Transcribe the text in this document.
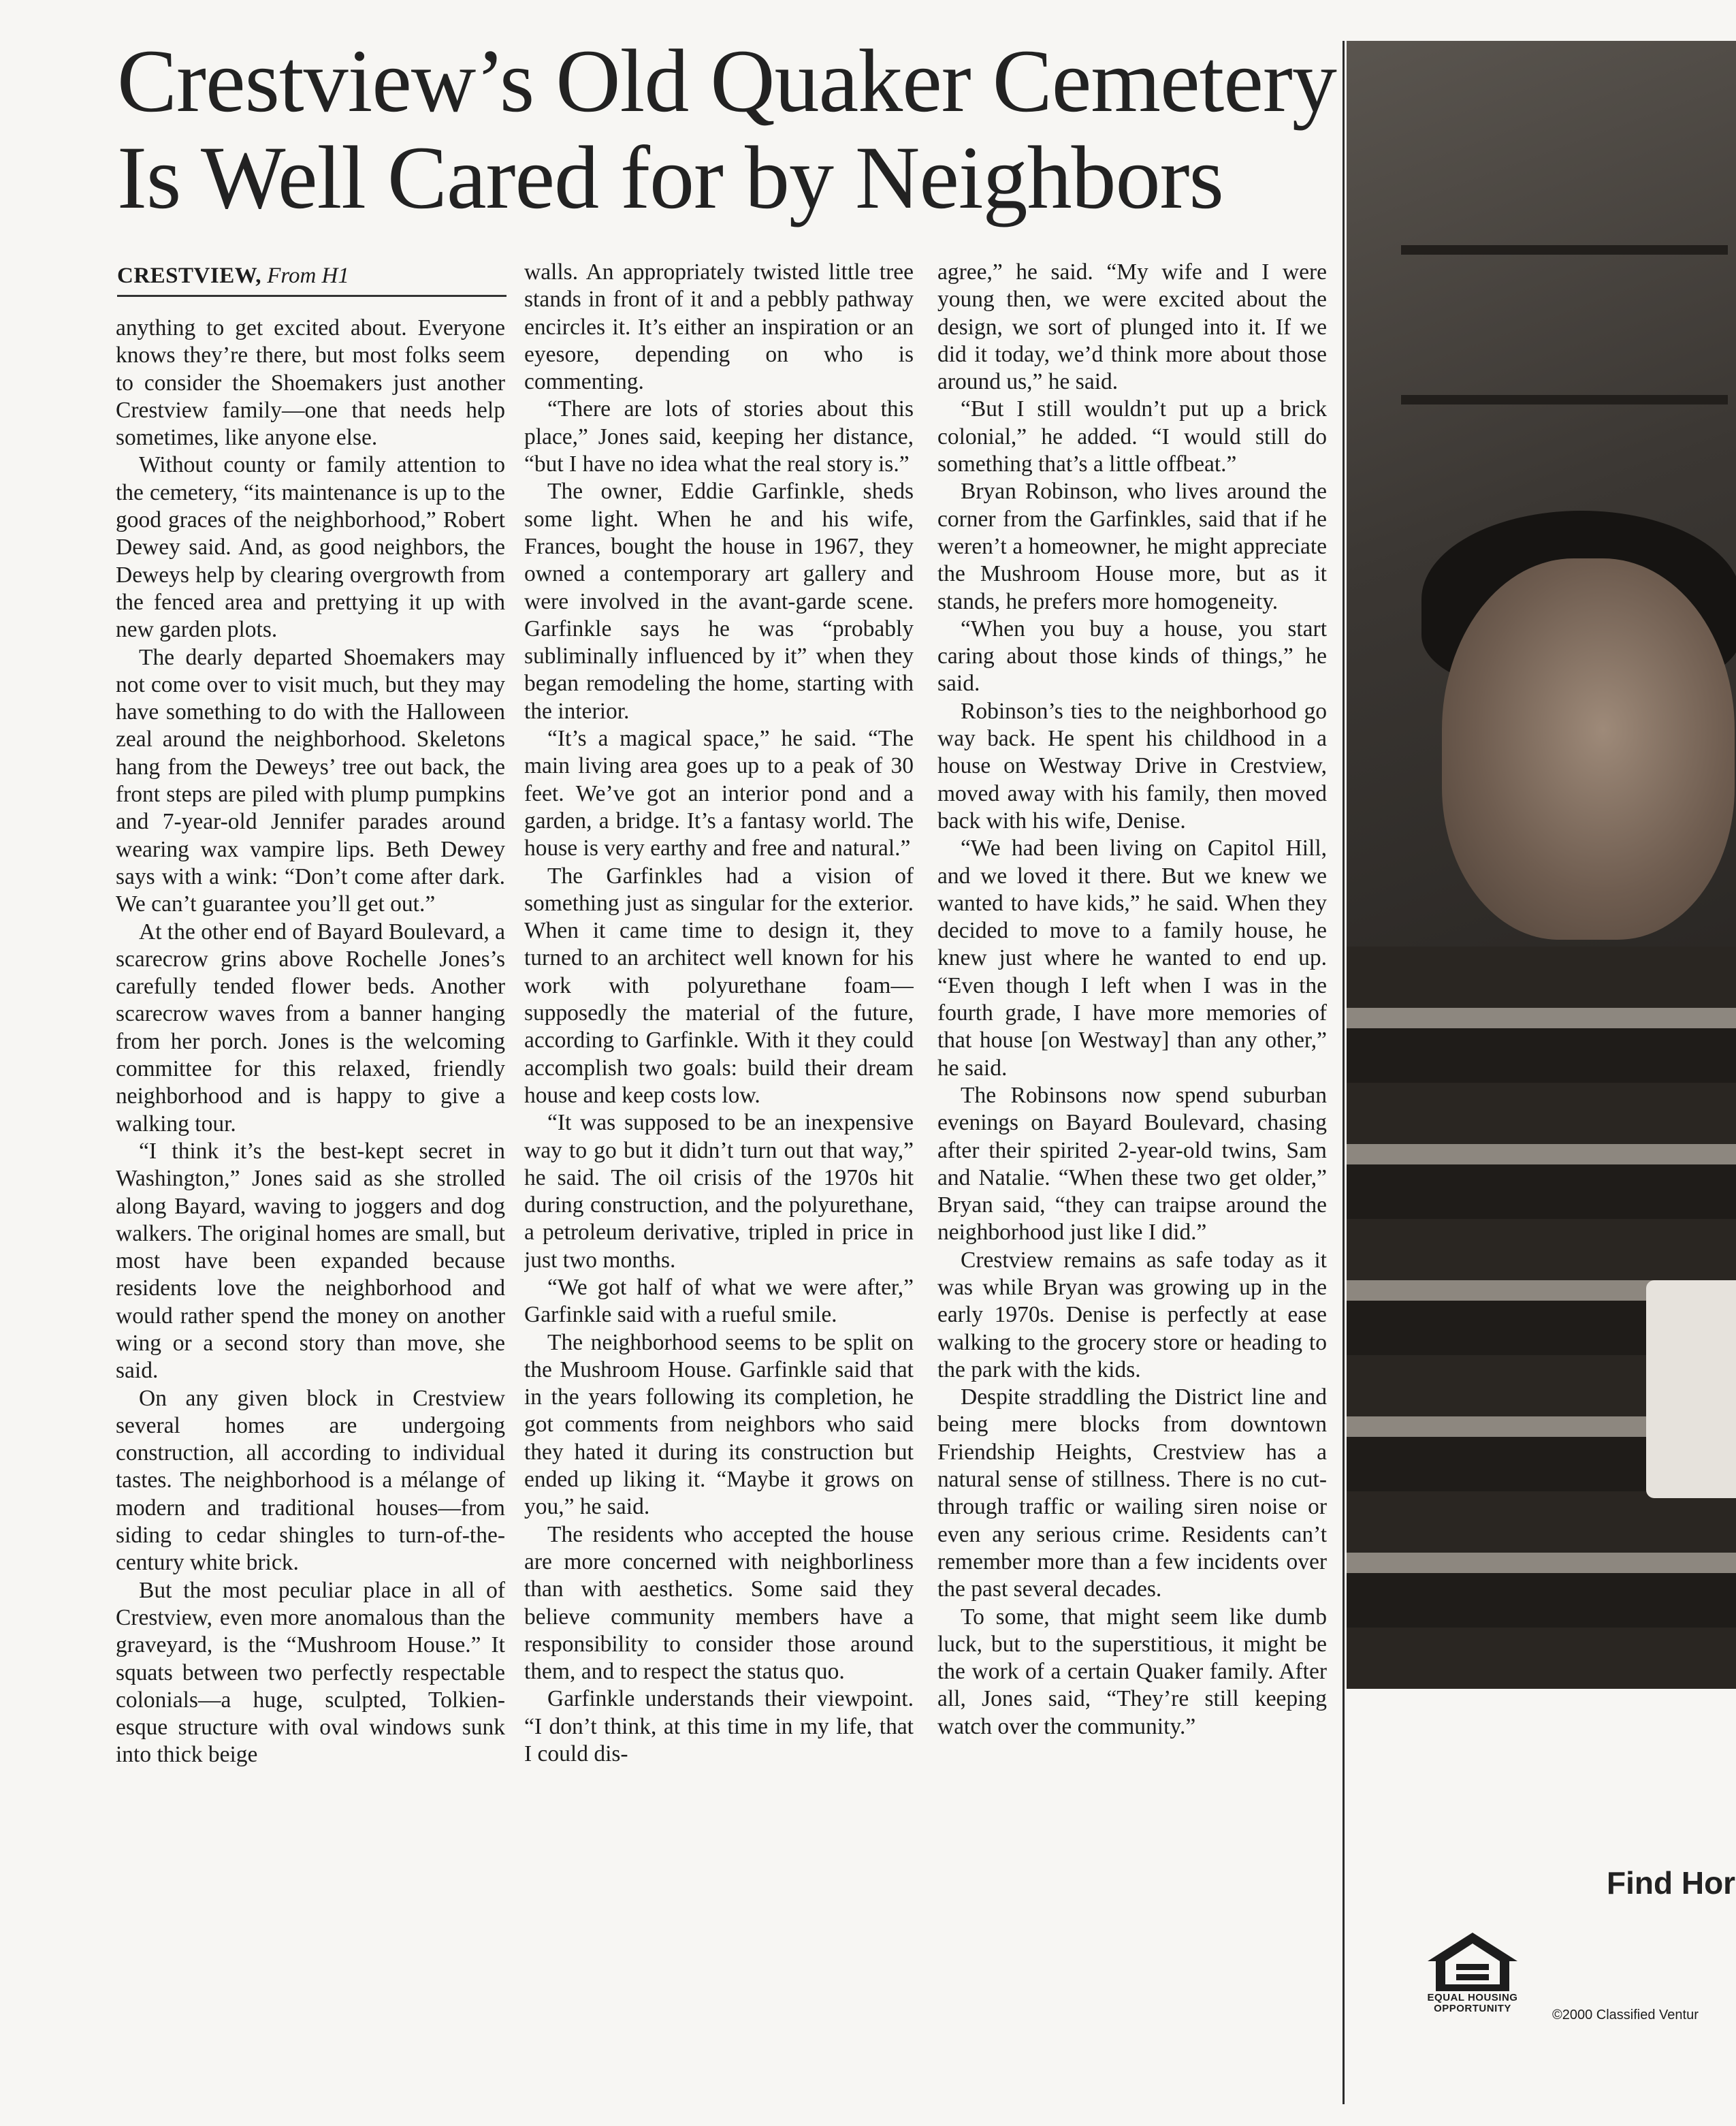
Crestview’s Old Quaker Cemetery
Is Well Cared for by Neighbors
CRESTVIEW, From H1

anything to get excited about. Everyone knows they’re there, but most folks seem to consider the Shoemakers just another Crestview family—one that needs help sometimes, like anyone else.

Without county or family attention to the cemetery, “its maintenance is up to the good graces of the neighborhood,” Robert Dewey said. And, as good neighbors, the Deweys help by clearing overgrowth from the fenced area and prettying it up with new garden plots.

The dearly departed Shoemakers may not come over to visit much, but they may have something to do with the Halloween zeal around the neighborhood. Skeletons hang from the Deweys’ tree out back, the front steps are piled with plump pumpkins and 7-year-old Jennifer parades around wearing wax vampire lips. Beth Dewey says with a wink: “Don’t come after dark. We can’t guarantee you’ll get out.”

At the other end of Bayard Boulevard, a scarecrow grins above Rochelle Jones’s carefully tended flower beds. Another scarecrow waves from a banner hanging from her porch. Jones is the welcoming committee for this relaxed, friendly neighborhood and is happy to give a walking tour.

“I think it’s the best-kept secret in Washington,” Jones said as she strolled along Bayard, waving to joggers and dog walkers. The original homes are small, but most have been expanded because residents love the neighborhood and would rather spend the money on another wing or a second story than move, she said.

On any given block in Crestview several homes are undergoing construction, all according to individual tastes. The neighborhood is a mélange of modern and traditional houses—from siding to cedar shingles to turn-of-the-century white brick.

But the most peculiar place in all of Crestview, even more anomalous than the graveyard, is the “Mushroom House.” It squats between two perfectly respectable colonials—a huge, sculpted, Tolkien-esque structure with oval windows sunk into thick beige

walls. An appropriately twisted little tree stands in front of it and a pebbly pathway encircles it. It’s either an inspiration or an eyesore, depending on who is commenting.

“There are lots of stories about this place,” Jones said, keeping her distance, “but I have no idea what the real story is.”

The owner, Eddie Garfinkle, sheds some light. When he and his wife, Frances, bought the house in 1967, they owned a contemporary art gallery and were involved in the avant-garde scene. Garfinkle says he was “probably subliminally influenced by it” when they began remodeling the home, starting with the interior.

“It’s a magical space,” he said. “The main living area goes up to a peak of 30 feet. We’ve got an interior pond and a garden, a bridge. It’s a fantasy world. The house is very earthy and free and natural.”

The Garfinkles had a vision of something just as singular for the exterior. When it came time to design it, they turned to an architect well known for his work with polyurethane foam—supposedly the material of the future, according to Garfinkle. With it they could accomplish two goals: build their dream house and keep costs low.

“It was supposed to be an inexpensive way to go but it didn’t turn out that way,” he said. The oil crisis of the 1970s hit during construction, and the polyurethane, a petroleum derivative, tripled in price in just two months.

“We got half of what we were after,” Garfinkle said with a rueful smile.

The neighborhood seems to be split on the Mushroom House. Garfinkle said that in the years following its completion, he got comments from neighbors who said they hated it during its construction but ended up liking it. “Maybe it grows on you,” he said.

The residents who accepted the house are more concerned with neighborliness than with aesthetics. Some said they believe community members have a responsibility to consider those around them, and to respect the status quo.

Garfinkle understands their viewpoint. “I don’t think, at this time in my life, that I could dis-

agree,” he said. “My wife and I were young then, we were excited about the design, we sort of plunged into it. If we did it today, we’d think more about those around us,” he said.

“But I still wouldn’t put up a brick colonial,” he added. “I would still do something that’s a little offbeat.”

Bryan Robinson, who lives around the corner from the Garfinkles, said that if he weren’t a homeowner, he might appreciate the Mushroom House more, but as it stands, he prefers more homogeneity.

“When you buy a house, you start caring about those kinds of things,” he said.

Robinson’s ties to the neighborhood go way back. He spent his childhood in a house on Westway Drive in Crestview, moved away with his family, then moved back with his wife, Denise.

“We had been living on Capitol Hill, and we loved it there. But we knew we wanted to have kids,” he said. When they decided to move to a family house, he knew just where he wanted to end up. “Even though I left when I was in the fourth grade, I have more memories of that house [on Westway] than any other,” he said.

The Robinsons now spend suburban evenings on Bayard Boulevard, chasing after their spirited 2-year-old twins, Sam and Natalie. “When these two get older,” Bryan said, “they can traipse around the neighborhood just like I did.”

Crestview remains as safe today as it was while Bryan was growing up in the early 1970s. Denise is perfectly at ease walking to the grocery store or heading to the park with the kids.

Despite straddling the District line and being mere blocks from downtown Friendship Heights, Crestview has a natural sense of stillness. There is no cut-through traffic or wailing siren noise or even any serious crime. Residents can’t remember more than a few incidents over the past several decades.

To some, that might seem like dumb luck, but to the superstitious, it might be the work of a certain Quaker family. After all, Jones said, “They’re still keeping watch over the community.”

Find Hor
EQUAL HOUSING
OPPORTUNITY	©2000 Classified Ventur
